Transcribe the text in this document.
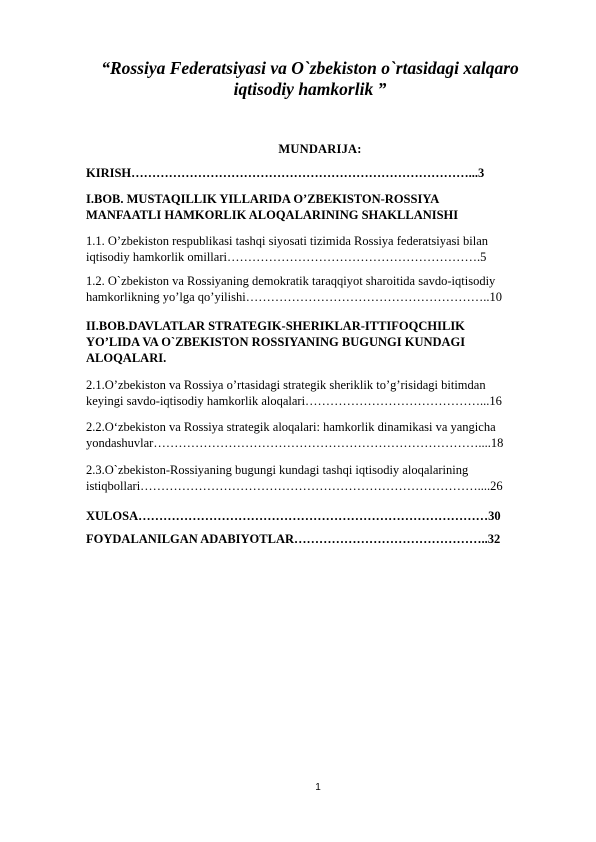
“Rossiya Federatsiyasi va O`zbekiston o`rtasidagi xalqaro
iqtisodiy hamkorlik ”
MUNDARIJA:
KIRISH………………………………………………………………………...3
I.BOB. MUSTAQILLIK YILLARIDA O’ZBEKISTON-ROSSIYA
MANFAATLI HAMKORLIK ALOQALARINING SHAKLLANISHI
1.1. O’zbekiston respublikasi tashqi siyosati tizimida Rossiya federatsiyasi bilan
iqtisodiy hamkorlik omillari…………………………………………………….5
1.2. O`zbekiston va Rossiyaning demokratik taraqqiyot sharoitida savdo-iqtisodiy
hamkorlikning yo’lga qo’yilishi…………………………………………………..10
II.BOB.DAVLATLAR STRATEGIK-SHERIKLAR-ITTIFOQCHILIK
YO’LIDA VA O`ZBEKISTON ROSSIYANING BUGUNGI KUNDAGI
ALOQALARI.
2.1.O’zbekiston va Rossiya o’rtasidagi strategik sheriklik to’g’risidagi bitimdan
keyingi savdo-iqtisodiy hamkorlik aloqalari……………………………………...16
2.2.Oʻzbekiston va Rossiya strategik aloqalari: hamkorlik dinamikasi va yangicha
yondashuvlar……………………………………………………………………....18
2.3.O`zbekiston-Rossiyaning bugungi kundagi tashqi iqtisodiy aloqalarining
istiqbollari………………………………………………………………………....26
XULOSA…………………………………………………………………………30
FOYDALANILGAN ADABIYOTLAR………………………………………..32
1
